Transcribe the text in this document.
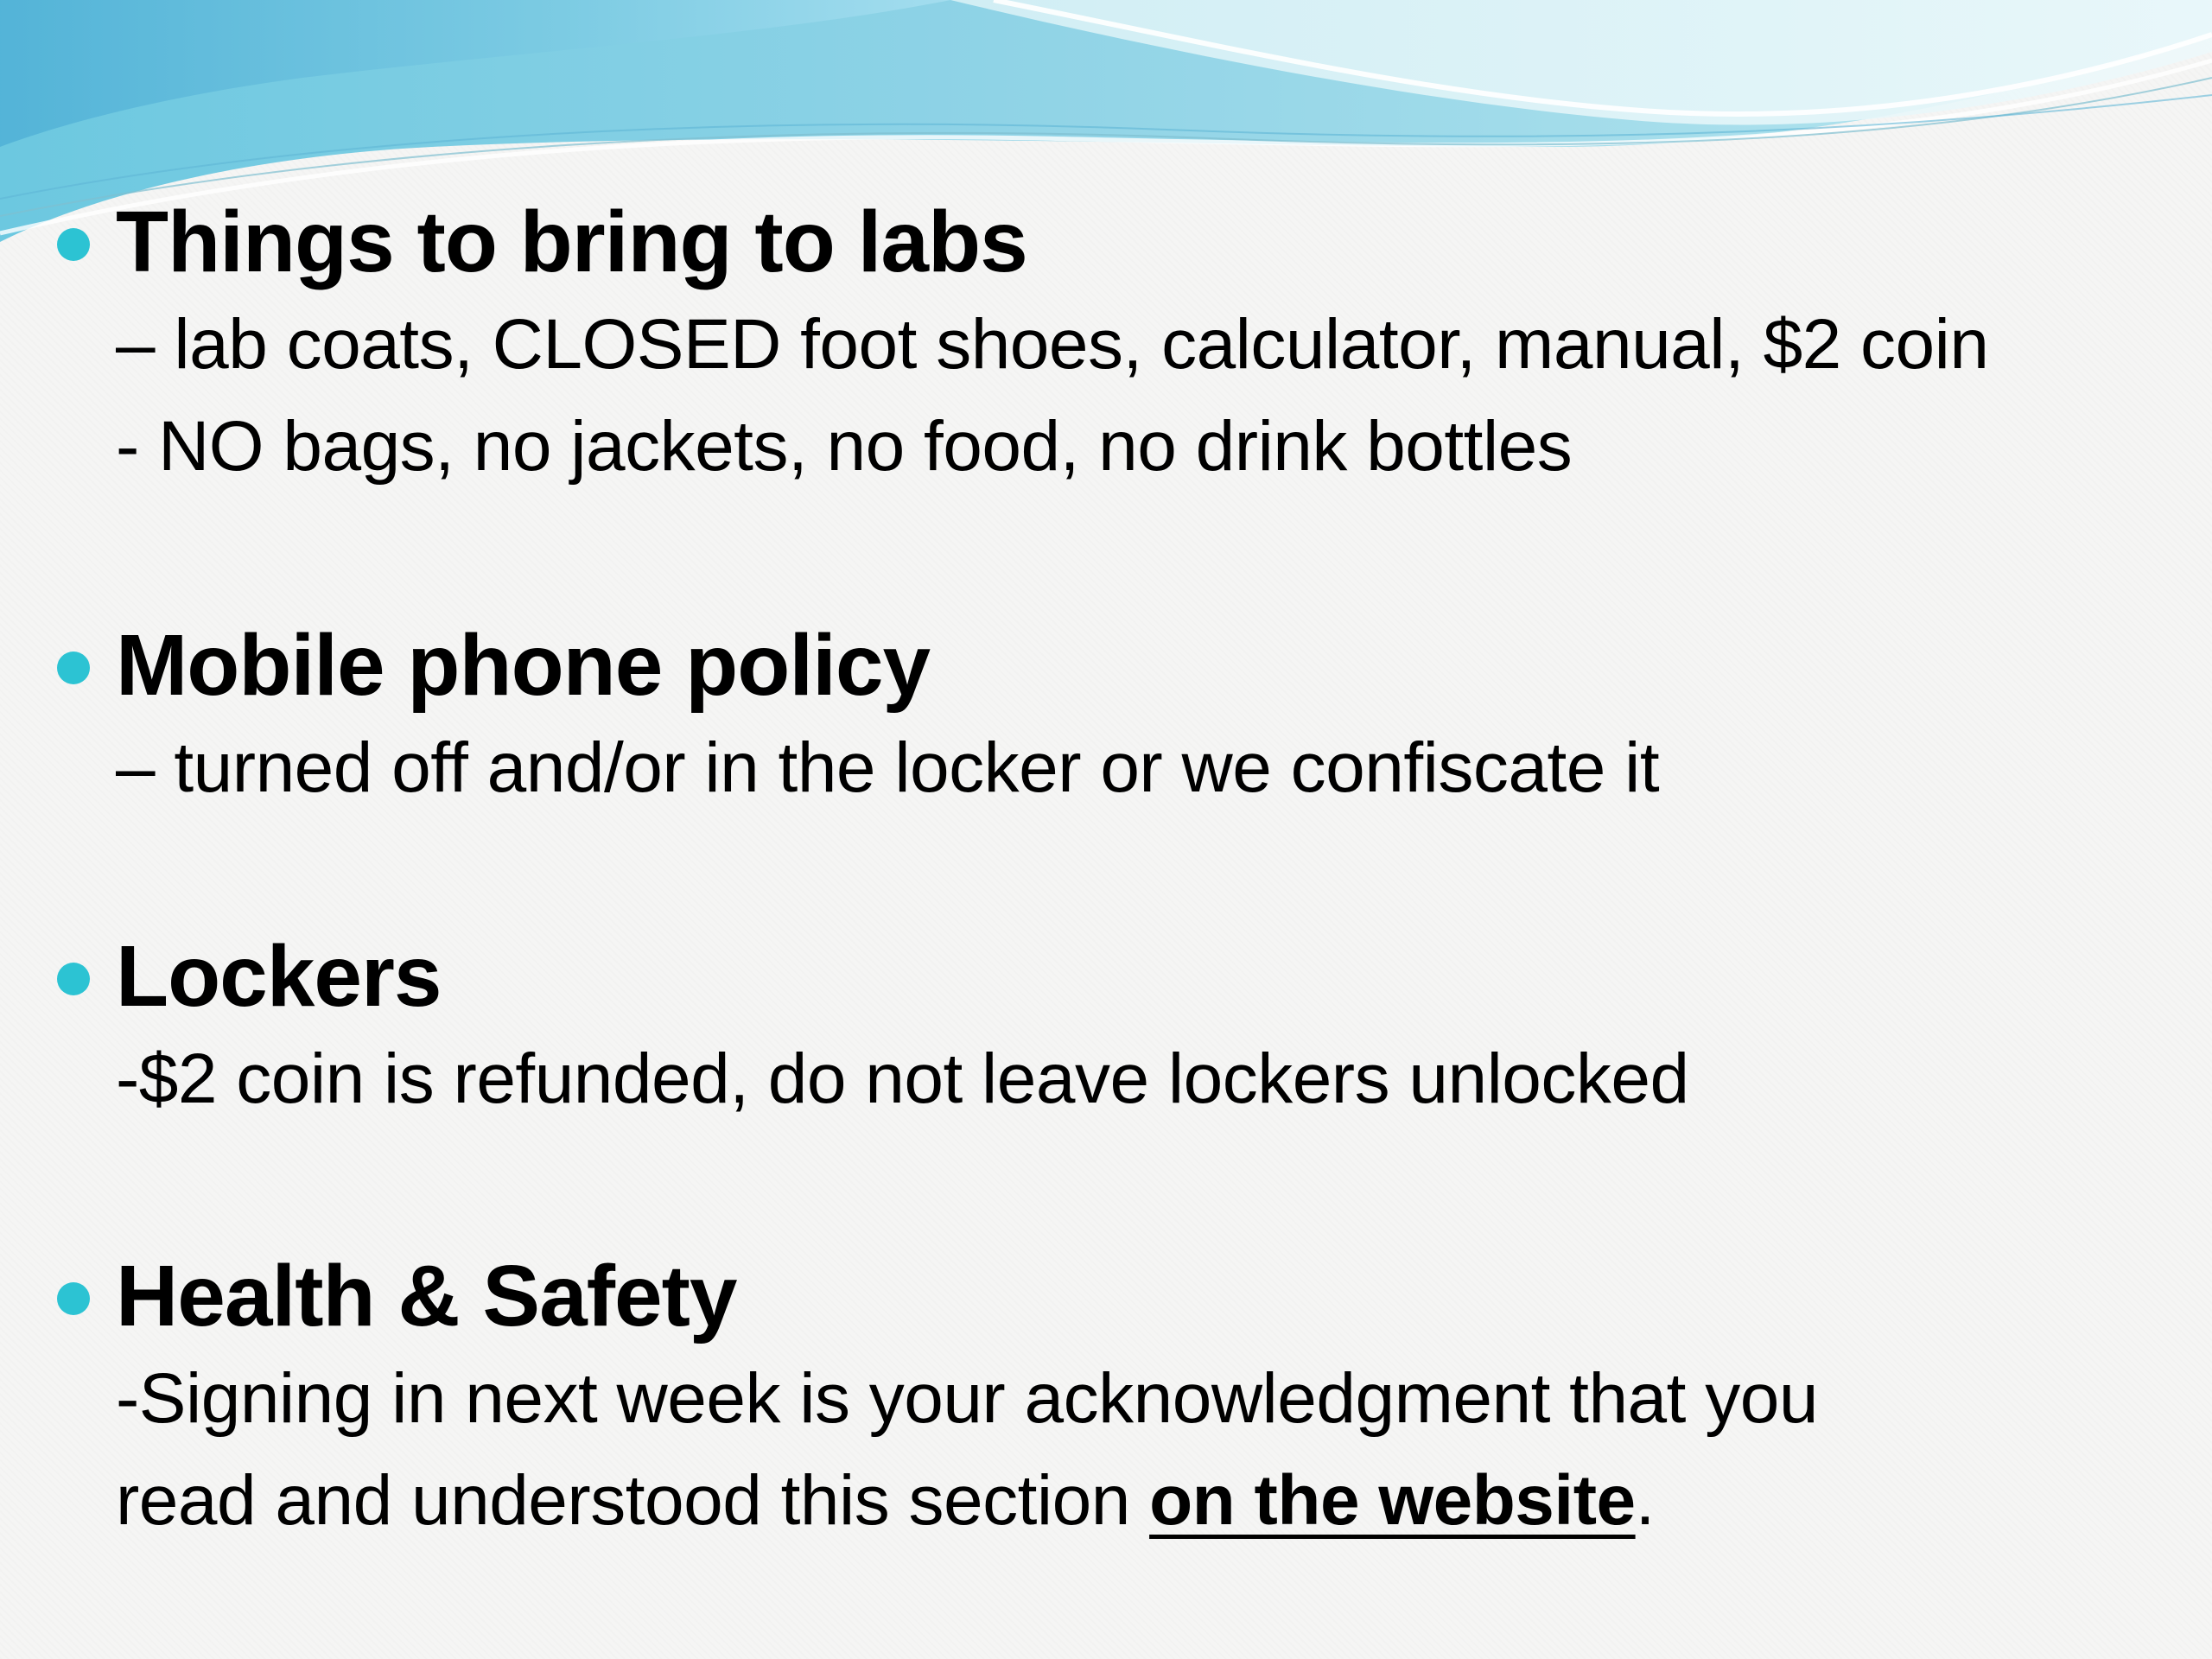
Things to bring to labs
– lab coats, CLOSED foot shoes, calculator, manual, $2 coin
- NO bags, no jackets, no food, no drink bottles
Mobile phone policy
– turned off and/or in the locker or we confiscate it
Lockers
-$2 coin is refunded, do not leave lockers unlocked
Health & Safety
-Signing in next week is your acknowledgment that you
read and understood this section on the website.
